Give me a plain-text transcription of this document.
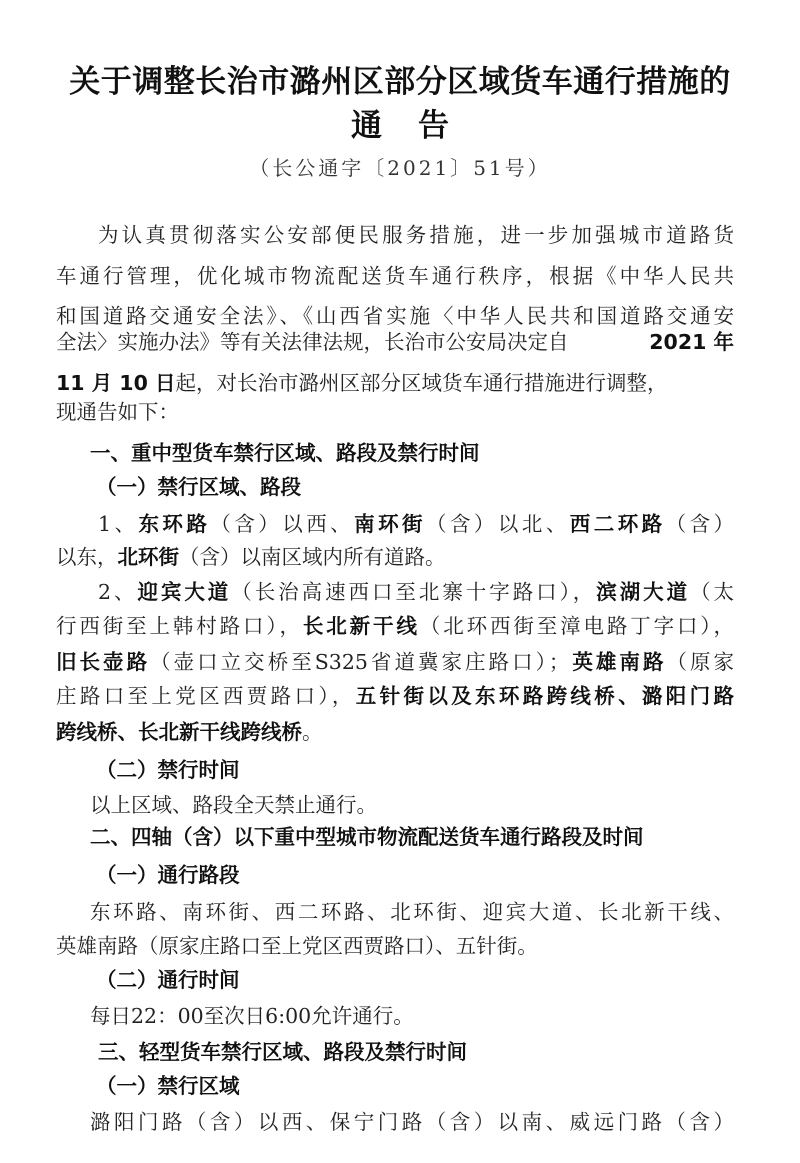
关于调整长治市潞州区部分区域货车通行措施的
通告
（长公通字〔2021〕51号）
为认真贯彻落实公安部便民服务措施，进一步加强城市道路货
车通行管理，优化城市物流配送货车通行秩序，根据《中华人民共
和国道路交通安全法》、《山西省实施〈中华人民共和国道路交通安
全法〉实施办法》等有关法律法规，长治市公安局决定自	2021 年
11 月 10 日起，对长治市潞州区部分区域货车通行措施进行调整，
现通告如下：
一、重中型货车禁行区域、路段及禁行时间
（一）禁行区域、路段
1、东环路（含）以西、南环街（含）以北、西二环路（含）
以东，北环街（含）以南区域内所有道路。
2、迎宾大道（长治高速西口至北寨十字路口），滨湖大道（太
行西街至上韩村路口），长北新干线（北环西街至漳电路丁字口），
旧长壶路（壶口立交桥至S325省道冀家庄路口）；英雄南路（原家
庄路口至上党区西贾路口），五针街以及东环路跨线桥、潞阳门路
跨线桥、长北新干线跨线桥。
（二）禁行时间
以上区域、路段全天禁止通行。
二、四轴（含）以下重中型城市物流配送货车通行路段及时间
（一）通行路段
东环路、南环街、西二环路、北环街、迎宾大道、长北新干线、
英雄南路（原家庄路口至上党区西贾路口）、五针街。
（二）通行时间
每日22：00至次日6:00允许通行。
三、轻型货车禁行区域、路段及禁行时间
（一）禁行区域
潞阳门路（含）以西、保宁门路（含）以南、威远门路（含）
